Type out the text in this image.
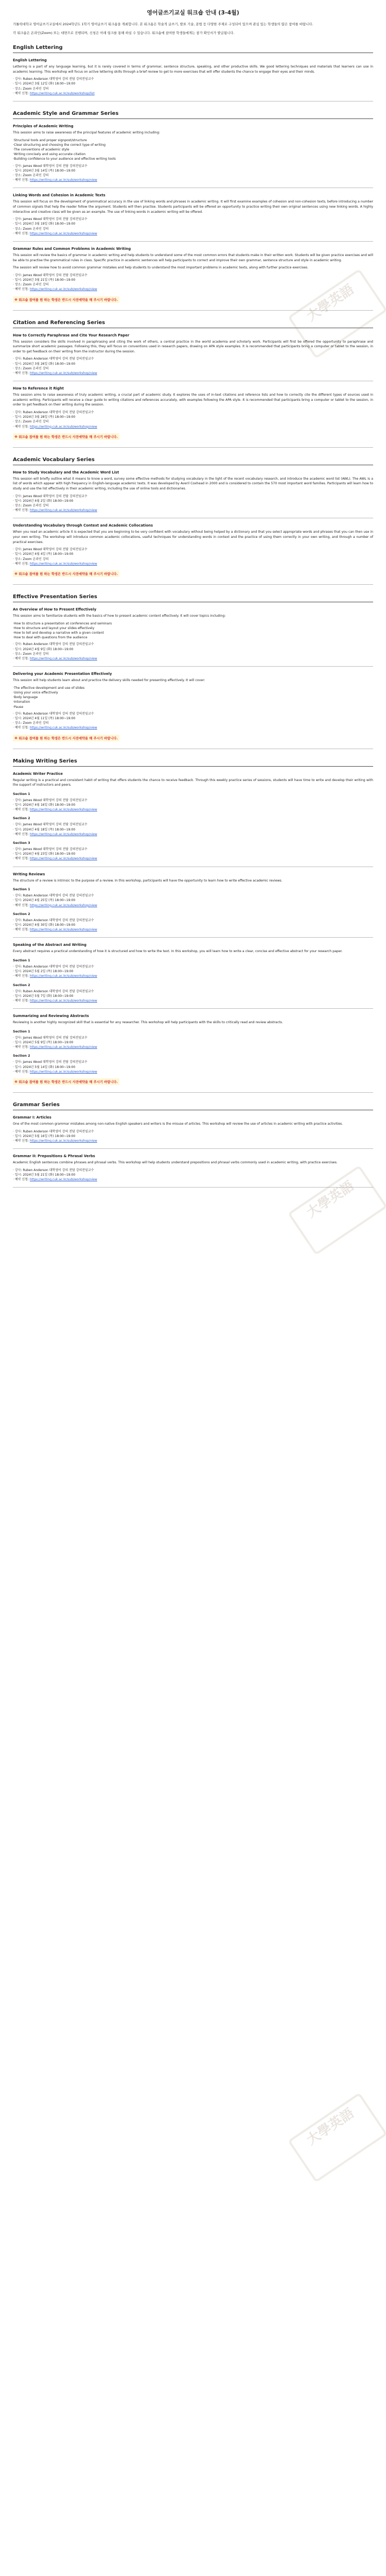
영어글쓰기교실 워크숍 안내 (3-4월)

가톨릭대학교 영어글쓰기교실에서 2024학년도 1학기 영어글쓰기 워크숍을 개최합니다. 본 워크숍은 학술적 글쓰기, 발표 기술, 문법 등 다양한 주제로 구성되어 있으며 관심 있는 학생들의 많은 참여를 바랍니다.

각 워크숍은 온라인(Zoom) 또는 대면으로 진행되며, 신청은 아래 링크를 통해 하실 수 있습니다. 워크숍에 참여한 학생들에게는 참가 확인서가 발급됩니다.

English Lettering
English Lettering
Lettering is a part of any language learning, but it is rarely covered in terms of grammar, sentence structure, speaking, and other productive skills. We good lettering techniques and materials that learners can use in academic learning. This workshop will focus on active lettering skills through a brief review to get to more exercises that will offer students the chance to engage their eyes and their minds.
· 강사: Ruben Anderson 대학영어 강의 전담 강의전임교수
· 일시: 2024년 3월 12일 (화) 18:00~19:00
· 장소: Zoom 온라인 강의
· 예약 신청: https://writing.cuk.ac.kr/sub/workshop/list
Academic Style and Grammar Series
Principles of Academic Writing
This session aims to raise awareness of the principal features of academic writing including:
·Structural tools and proper signpost/structure
·Clear structuring and choosing the correct type of writing
·The conventions of academic style
·Writing concisely and using accurate citation
·Building confidence to your audience and effective writing tools
· 강사: James Wood 대학영어 강의 전담 강의전임교수
· 일시: 2024년 3월 14일 (목) 18:00~19:00
· 장소: Zoom 온라인 강의
· 예약 신청: https://writing.cuk.ac.kr/sub/workshop/view
Linking Words and Cohesion in Academic Texts
This session will focus on the development of grammatical accuracy in the use of linking words and phrases in academic writing. It will first examine examples of cohesion and non-cohesion texts, before introducing a number of common signals that help the reader follow the argument. Students will then practise. Students participants will be offered an opportunity to practice writing their own original sentences using new linking words. A highly interactive and creative class will be given as an example. The use of linking words in academic writing will be offered.
· 강사: James Wood 대학영어 강의 전담 강의전임교수
· 일시: 2024년 3월 19일 (화) 18:00~19:00
· 장소: Zoom 온라인 강의
· 예약 신청: https://writing.cuk.ac.kr/sub/workshop/view
Grammar Rules and Common Problems in Academic Writing
This session will review the basics of grammar in academic writing and help students to understand some of the most common errors that students make in their written work. Students will be given practice exercises and will be able to practise the grammatical rules in class. Specific practice in academic sentences will help participants to correct and improve their own grammar, sentence structure and style in academic writing.
The session will review how to avoid common grammar mistakes and help students to understand the most important problems in academic texts, along with further practice exercises.
· 강사: James Wood 대학영어 강의 전담 강의전임교수
· 일시: 2024년 3월 21일 (목) 18:00~19:00
· 장소: Zoom 온라인 강의
· 예약 신청: https://writing.cuk.ac.kr/sub/workshop/view
※ 워크숍 참여를 원 하는 학생은 반드시 사전예약을 해 주시기 바랍니다.
Citation and Referencing Series
How to Correctly Paraphrase and Cite Your Research Paper
This session considers the skills involved in paraphrasing and citing the work of others, a central practice in the world academia and scholarly work. Participants will first be offered the opportunity to paraphrase and summarize short academic passages. Following this, they will focus on conventions used in research papers, drawing on APA style examples. It is recommended that participants bring a computer or tablet to the session, in order to get feedback on their writing from the instructor during the session.
· 강사: Ruben Anderson 대학영어 강의 전담 강의전임교수
· 일시: 2024년 3월 26일 (화) 18:00~19:00
· 장소: Zoom 온라인 강의
· 예약 신청: https://writing.cuk.ac.kr/sub/workshop/view
How to Reference it Right
This session aims to raise awareness of truly academic writing, a crucial part of academic study. It explores the uses of in-text citations and reference lists and how to correctly cite the different types of sources used in academic writing. Participants will receive a clear guide to writing citations and references accurately, with examples following the APA style. It is recommended that participants bring a computer or tablet to the session, in order to get feedback on their writing during the session.
· 강사: Ruben Anderson 대학영어 강의 전담 강의전임교수
· 일시: 2024년 3월 28일 (목) 18:00~19:00
· 장소: Zoom 온라인 강의
· 예약 신청: https://writing.cuk.ac.kr/sub/workshop/view
※ 워크숍 참여를 원 하는 학생은 반드시 사전예약을 해 주시기 바랍니다.
Academic Vocabulary Series
How to Study Vocabulary and the Academic Word List
This session will briefly outline what it means to know a word, survey some effective methods for studying vocabulary in the light of the recent vocabulary research, and introduce the academic word list (AWL). The AWL is a list of words which appear with high frequency in English-language academic texts. It was developed by Averil Coxhead in 2000 and is considered to contain the 570 most important word families. Participants will learn how to study and use the list effectively in their academic writing, including the use of online tools and dictionaries.
· 강사: James Wood 대학영어 강의 전담 강의전임교수
· 일시: 2024년 4월 2일 (화) 18:00~19:00
· 장소: Zoom 온라인 강의
· 예약 신청: https://writing.cuk.ac.kr/sub/workshop/view
Understanding Vocabulary through Context and Academic Collocations
When you read an academic article it is expected that you are beginning to be very confident with vocabulary without being helped by a dictionary and that you select appropriate words and phrases that you can then use in your own writing. The workshop will introduce common academic collocations, useful techniques for understanding words in context and the practice of using them correctly in your own writing, and through a number of practical exercises.
· 강사: James Wood 대학영어 강의 전담 강의전임교수
· 일시: 2024년 4월 4일 (목) 18:00~19:00
· 장소: Zoom 온라인 강의
· 예약 신청: https://writing.cuk.ac.kr/sub/workshop/view
※ 워크숍 참여를 원 하는 학생은 반드시 사전예약을 해 주시기 바랍니다.
Effective Presentation Series
An Overview of How to Present Effectively
This session aims to familiarize students with the basics of how to present academic content effectively. It will cover topics including:
·How to structure a presentation at conferences and seminars
·How to structure and layout your slides effectively
·How to tell and develop a narrative with a given content
·How to deal with questions from the audience
· 강사: Ruben Anderson 대학영어 강의 전담 강의전임교수
· 일시: 2024년 4월 9일 (화) 18:00~19:00
· 장소: Zoom 온라인 강의
· 예약 신청: https://writing.cuk.ac.kr/sub/workshop/view
Delivering your Academic Presentation Effectively
This session will help students learn about and practice the delivery skills needed for presenting effectively. It will cover:
·The effective development and use of slides
·Using your voice effectively
·Body language
·Intonation
·Pause
· 강사: Ruben Anderson 대학영어 강의 전담 강의전임교수
· 일시: 2024년 4월 11일 (목) 18:00~19:00
· 장소: Zoom 온라인 강의
· 예약 신청: https://writing.cuk.ac.kr/sub/workshop/view
※ 워크숍 참여를 원 하는 학생은 반드시 사전예약을 해 주시기 바랍니다.
Making Writing Series
Academic Writer Practice
Regular writing is a practical and consistent habit of writing that offers students the chance to receive feedback. Through this weekly practice series of sessions, students will have time to write and develop their writing with the support of instructors and peers.
Section 1
· 강사: James Wood 대학영어 강의 전담 강의전임교수
· 일시: 2024년 4월 16일 (화) 18:00~19:00
· 예약 신청: https://writing.cuk.ac.kr/sub/workshop/view
Section 2
· 강사: James Wood 대학영어 강의 전담 강의전임교수
· 일시: 2024년 4월 18일 (목) 18:00~19:00
· 예약 신청: https://writing.cuk.ac.kr/sub/workshop/view
Section 3
· 강사: James Wood 대학영어 강의 전담 강의전임교수
· 일시: 2024년 4월 23일 (화) 18:00~19:00
· 예약 신청: https://writing.cuk.ac.kr/sub/workshop/view
Writing Reviews
The structure of a review is intrinsic to the purpose of a review. In this workshop, participants will have the opportunity to learn how to write effective academic reviews.
Section 1
· 강사: Ruben Anderson 대학영어 강의 전담 강의전임교수
· 일시: 2024년 4월 25일 (목) 18:00~19:00
· 예약 신청: https://writing.cuk.ac.kr/sub/workshop/view
Section 2
· 강사: Ruben Anderson 대학영어 강의 전담 강의전임교수
· 일시: 2024년 4월 30일 (화) 18:00~19:00
· 예약 신청: https://writing.cuk.ac.kr/sub/workshop/view
Speaking of the Abstract and Writing
Every abstract requires a practical understanding of how it is structured and how to write the text. In this workshop, you will learn how to write a clear, concise and effective abstract for your research paper.
Section 1
· 강사: Ruben Anderson 대학영어 강의 전담 강의전임교수
· 일시: 2024년 5월 2일 (목) 18:00~19:00
· 예약 신청: https://writing.cuk.ac.kr/sub/workshop/view
Section 2
· 강사: Ruben Anderson 대학영어 강의 전담 강의전임교수
· 일시: 2024년 5월 7일 (화) 18:00~19:00
· 예약 신청: https://writing.cuk.ac.kr/sub/workshop/view
Summarizing and Reviewing Abstracts
Reviewing is another highly recognized skill that is essential for any researcher. This workshop will help participants with the skills to critically read and review abstracts.
Section 1
· 강사: James Wood 대학영어 강의 전담 강의전임교수
· 일시: 2024년 5월 9일 (목) 18:00~19:00
· 예약 신청: https://writing.cuk.ac.kr/sub/workshop/view
Section 2
· 강사: James Wood 대학영어 강의 전담 강의전임교수
· 일시: 2024년 5월 14일 (화) 18:00~19:00
· 예약 신청: https://writing.cuk.ac.kr/sub/workshop/view
※ 워크숍 참여를 원 하는 학생은 반드시 사전예약을 해 주시기 바랍니다.
Grammar Series
Grammar I: Articles
One of the most common grammar mistakes among non-native English speakers and writers is the misuse of articles. This workshop will review the use of articles in academic writing with practice activities.
· 강사: Ruben Anderson 대학영어 강의 전담 강의전임교수
· 일시: 2024년 5월 16일 (목) 18:00~19:00
· 예약 신청: https://writing.cuk.ac.kr/sub/workshop/view
Grammar II: Prepositions & Phrasal Verbs
Academic English sentences combine phrases and phrasal verbs. This workshop will help students understand prepositions and phrasal verbs commonly used in academic writing, with practice exercises.
· 강사: Ruben Anderson 대학영어 강의 전담 강의전임교수
· 일시: 2024년 5월 21일 (화) 18:00~19:00
· 예약 신청: https://writing.cuk.ac.kr/sub/workshop/view
大學英語
大學英語
大學英語
